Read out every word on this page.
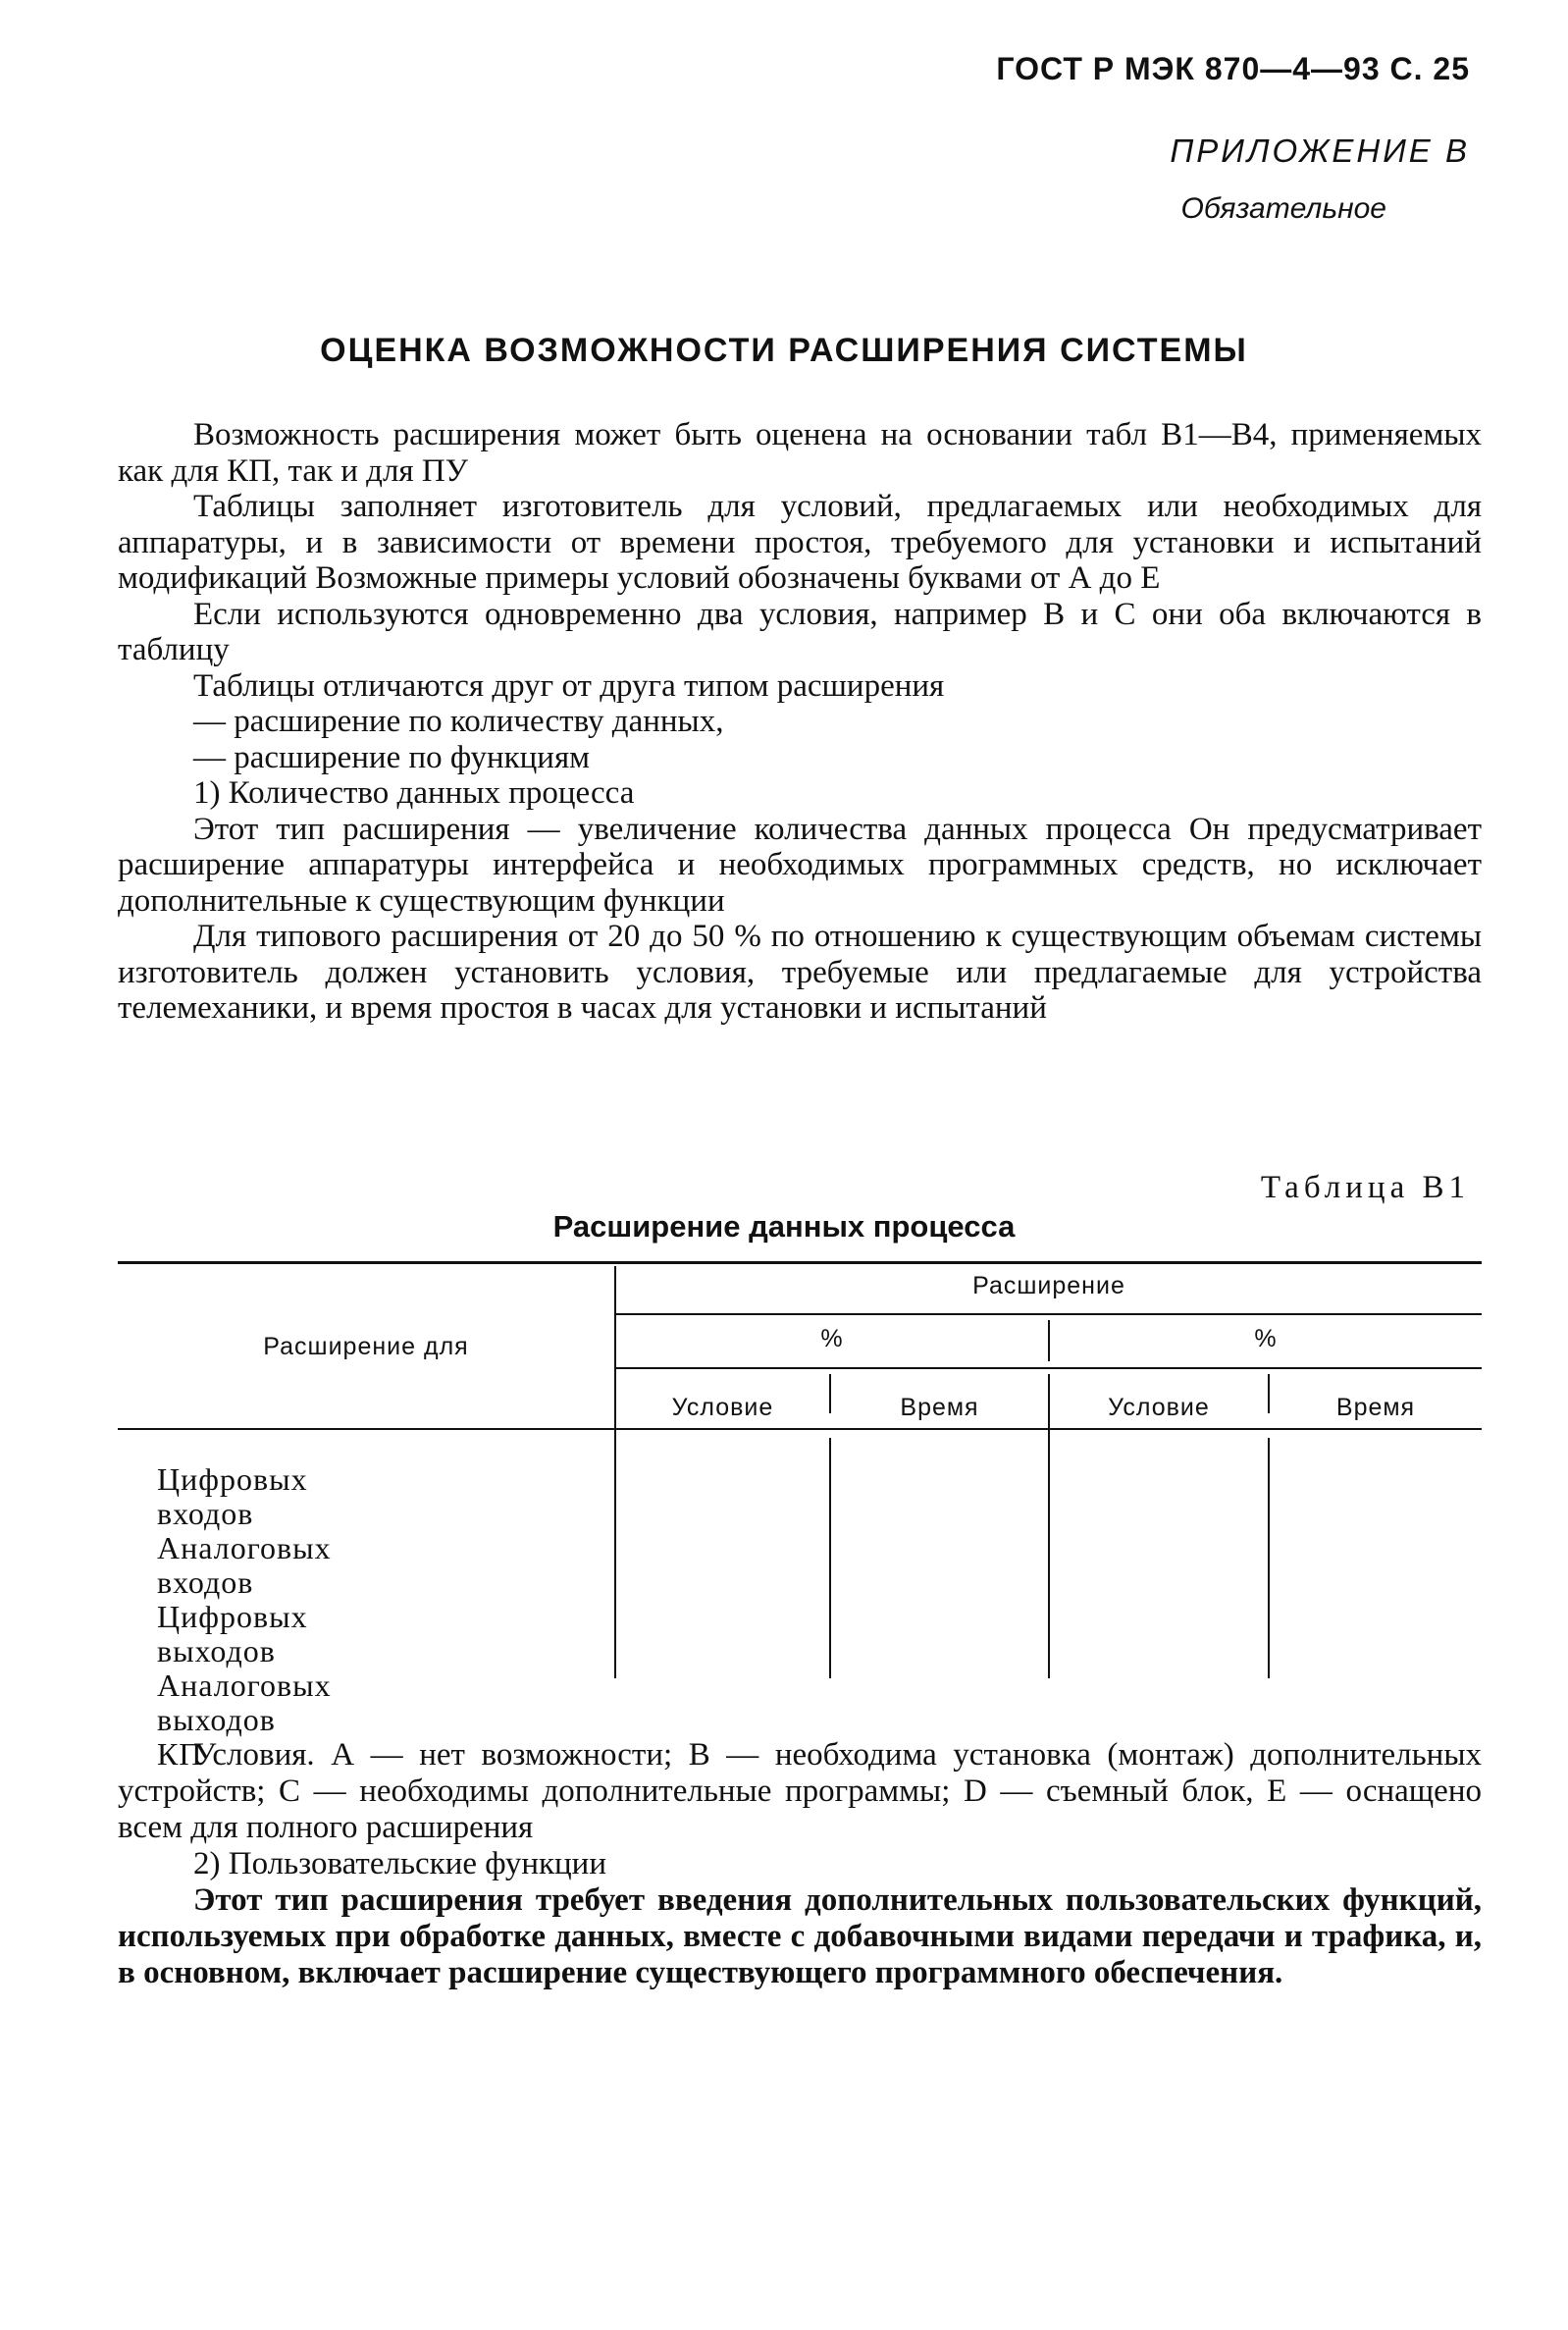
ГОСТ Р МЭК 870—4—93 С. 25
ПРИЛОЖЕНИЕ В
Обязательное
ОЦЕНКА ВОЗМОЖНОСТИ РАСШИРЕНИЯ СИСТЕМЫ

Возможность расширения может быть оценена на основании табл В1—В4, применяемых как для КП, так и для ПУ

Таблицы заполняет изготовитель для условий, предлагаемых или необходимых для аппаратуры, и в зависимости от времени простоя, требуемого для установки и испытаний модификаций Возможные примеры условий обозначены буквами от А до Е

Если используются одновременно два условия, например В и С они оба включаются в таблицу

Таблицы отличаются друг от друга типом расширения

— расширение по количеству данных,

— расширение по функциям

1) Количество данных процесса

Этот тип расширения — увеличение количества данных процесса Он предусматривает расширение аппаратуры интерфейса и необходимых программных средств, но исключает дополнительные к существующим функции

Для типового расширения от 20 до 50 % по отношению к существующим объемам системы изготовитель должен установить условия, требуемые или предлагаемые для устройства телемеханики, и время простоя в часах для установки и испытаний

Таблица В1
Расширение данных процесса
Расширение для
Расширение
%	%
Условие	Время	Условие	Время
Цифровых входов
Аналоговых входов
Цифровых выходов
Аналоговых выходов
КП

Условия. А — нет возможности; В — необходима установка (монтаж) дополнительных устройств; С — необходимы дополнительные программы; D — съемный блок, Е — оснащено всем для полного расширения

2) Пользовательские функции

Этот тип расширения требует введения дополнительных пользовательских функций, используемых при обработке данных, вместе с добавочными видами передачи и трафика, и, в основном, включает расширение существующего программного обеспечения.
